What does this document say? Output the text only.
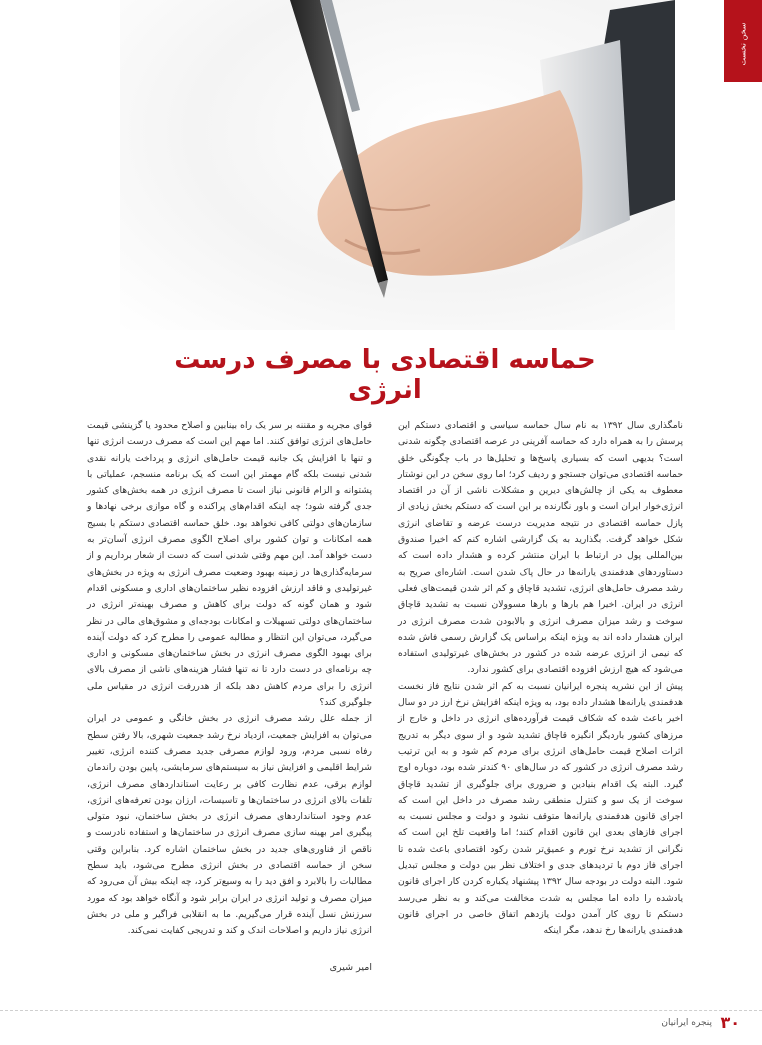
سخن نخست
حماسه اقتصادی با مصرف درست انرژی

نامگذاری سال ۱۳۹۲ به نام سال حماسه سیاسی و اقتصادی دستکم این پرسش را به همراه دارد که حماسه آفرینی در عرصه اقتصادی چگونه شدنی است؟ بدیهی است که بسیاری پاسخ‌ها و تحلیل‌ها در باب چگونگی خلق حماسه اقتصادی می‌توان جستجو و ردیف کرد؛ اما روی سخن در این نوشتار معطوف به یکی از چالش‌های دیرین و مشکلات ناشی از آن در اقتصاد انرژی‌خوار ایران است و باور نگارنده بر این است که دستکم بخش زیادی از پازل حماسه اقتصادی در نتیجه مدیریت درست عرضه و تقاضای انرژی شکل خواهد گرفت. بگذارید به یک گزارشی اشاره کنم که اخیرا صندوق بین‌المللی پول در ارتباط با ایران منتشر کرده و هشدار داده است که دستاوردهای هدفمندی یارانه‌ها در حال پاک شدن است. اشاره‌ای صریح به رشد مصرف حامل‌های انرژی، تشدید قاچاق و کم اثر شدن قیمت‌های فعلی انرژی در ایران. اخیرا هم بارها و بارها مسوولان نسبت به تشدید قاچاق سوخت و رشد میزان مصرف انرژی و بالابودن شدت مصرف انرژی در ایران هشدار داده اند به ویژه اینکه براساس یک گزارش رسمی فاش شده که نیمی از انرژی عرضه شده در کشور در بخش‌های غیرتولیدی استفاده می‌شود که هیچ ارزش افزوده اقتصادی برای کشور ندارد.

پیش از این نشریه پنجره ایرانیان نسبت به کم اثر شدن نتایج فاز نخست هدفمندی یارانه‌ها هشدار داده بود، به ویژه اینکه افزایش نرخ ارز در دو سال اخیر باعث شده که شکاف قیمت فرآورده‌های انرژی در داخل و خارج از مرزهای کشور باردیگر انگیزه قاچاق تشدید شود و از سوی دیگر به تدریج اثرات اصلاح قیمت حامل‌های انرژی برای مردم کم شود و به این ترتیب رشد مصرف انرژی در کشور که در سال‌های ۹۰ کندتر شده بود، دوباره اوج گیرد. البته یک اقدام بنیادین و ضروری برای جلوگیری از تشدید قاچاق سوخت از یک سو و کنترل منطقی رشد مصرف در داخل این است که اجرای قانون هدفمندی یارانه‌ها متوقف نشود و دولت و مجلس نسبت به اجرای فازهای بعدی این قانون اقدام کنند؛ اما واقعیت تلخ این است که نگرانی از تشدید نرخ تورم و عمیق‌تر شدن رکود اقتصادی باعث شده تا اجرای فاز دوم با تردیدهای جدی و اختلاف نظر بین دولت و مجلس تبدیل شود. البته دولت در بودجه سال ۱۳۹۲ پیشنهاد یکباره کردن کار اجرای قانون یادشده را داده اما مجلس به شدت مخالفت می‌کند و به نظر می‌رسد دستکم تا روی کار آمدن دولت یازدهم اتفاق خاصی در اجرای قانون هدفمندی یارانه‌ها رخ ندهد، مگر اینکه

قوای مجریه و مقننه بر سر یک راه بینابین و اصلاح محدود یا گزینشی قیمت حامل‌های انرژی توافق کنند. اما مهم این است که مصرف درست انرژی تنها و تنها با افزایش یک جانبه قیمت حامل‌های انرژی و پرداخت یارانه نقدی شدنی نیست بلکه گام مهمتر این است که یک برنامه منسجم، عملیاتی با پشتوانه و الزام قانونی نیاز است تا مصرف انرژی در همه بخش‌های کشور جدی گرفته شود؛ چه اینکه اقدام‌های پراکنده و گاه موازی برخی نهادها و سازمان‌های دولتی کافی نخواهد بود. خلق حماسه اقتصادی دستکم با بسیج همه امکانات و توان کشور برای اصلاح الگوی مصرف انرژی آسان‌تر به دست خواهد آمد. این مهم وقتی شدنی است که دست از شعار برداریم و از سرمایه‌گذاری‌ها در زمینه بهبود وضعیت مصرف انرژی به ویژه در بخش‌های غیرتولیدی و فاقد ارزش افزوده نظیر ساختمان‌های اداری و مسکونی اقدام شود و همان گونه که دولت برای کاهش و مصرف بهینه‌تر انرژی در ساختمان‌های دولتی تسهیلات و امکانات بودجه‌ای و مشوق‌های مالی در نظر می‌گیرد، می‌توان این انتظار و مطالبه عمومی را مطرح کرد که دولت آینده برای بهبود الگوی مصرف انرژی در بخش ساختمان‌های مسکونی و اداری چه برنامه‌ای در دست دارد تا نه تنها فشار هزینه‌های ناشی از مصرف بالای انرژی را برای مردم کاهش دهد بلکه از هدررفت انرژی در مقیاس ملی جلوگیری کند؟

از جمله علل رشد مصرف انرژی در بخش خانگی و عمومی در ایران می‌توان به افزایش جمعیت، ازدیاد نرخ رشد جمعیت شهری، بالا رفتن سطح رفاه نسبی مردم، ورود لوازم مصرفی جدید مصرف کننده انرژی، تغییر شرایط اقلیمی و افزایش نیاز به سیستم‌های سرمایشی، پایین بودن راندمان لوازم برقی، عدم نظارت کافی بر رعایت استانداردهای مصرف انرژی، تلفات بالای انرژی در ساختمان‌ها و تاسیسات، ارزان بودن تعرفه‌های انرژی، عدم وجود استانداردهای مصرف انرژی در بخش ساختمان، نبود متولی پیگیری امر بهینه سازی مصرف انرژی در ساختمان‌ها و استفاده نادرست و ناقص از فناوری‌های جدید در بخش ساختمان اشاره کرد. بنابراین وقتی سخن از حماسه اقتصادی در بخش انرژی مطرح می‌شود، باید سطح مطالبات را بالابرد و افق دید را به وسیع‌تر کرد، چه اینکه بیش آن می‌رود که میزان مصرف و تولید انرژی در ایران برابر شود و آنگاه خواهد بود که مورد سرزنش نسل آینده قرار می‌گیریم. ما به انقلابی فراگیر و ملی در بخش انرژی نیاز داریم و اصلاحات اندک و کند و تدریجی کفایت نمی‌کند.

امیر شیری
۳۰
پنجره ایرانیان
